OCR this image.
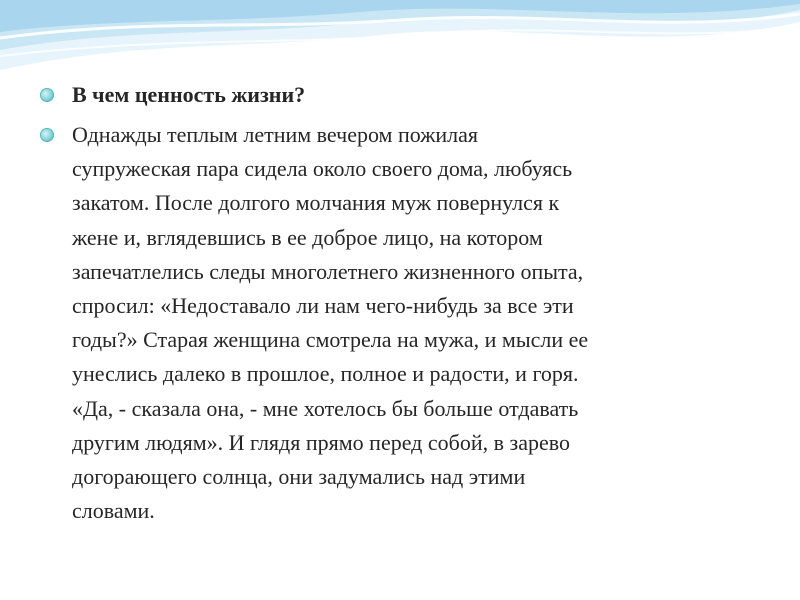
В чем ценность жизни?
Однажды теплым летним вечером пожилая
супружеская пара сидела около своего дома, любуясь
закатом. После долгого молчания муж повернулся к
жене и, вглядевшись в ее доброе лицо, на котором
запечатлелись следы многолетнего жизненного опыта,
спросил: «Недоставало ли нам чего-нибудь за все эти
годы?» Старая женщина смотрела на мужа, и мысли ее
унеслись далеко в прошлое, полное и радости, и горя.
«Да, - сказала она, - мне хотелось бы больше отдавать
другим людям». И глядя прямо перед собой, в зарево
догорающего солнца, они задумались над этими
словами.
